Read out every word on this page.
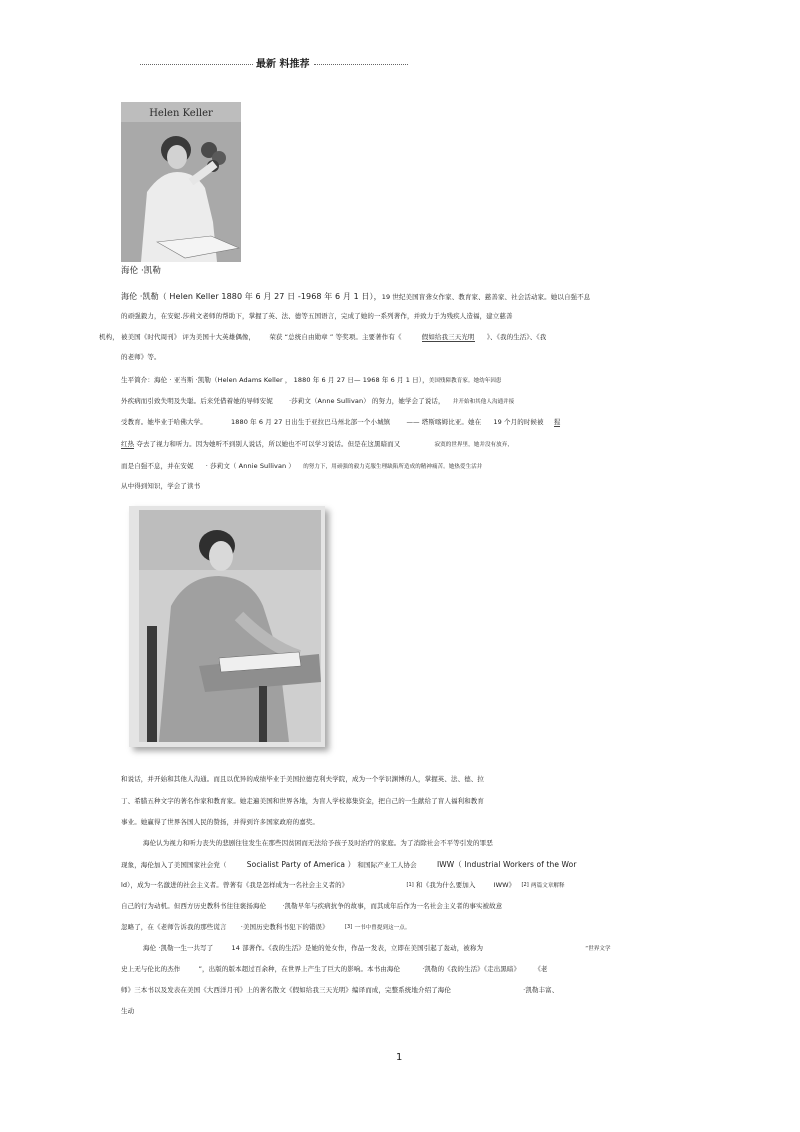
最新 料推荐
Helen Keller
海伦 ·凯勒
海伦 ·凯勒（ Helen Keller 1880 年 6 月 27 日 -1968 年 6 月 1 日），19 世纪美国盲聋女作家、教育家、慈善家、社会活动家。她以自强不息
的顽强毅力，在安妮.莎莉文老师的帮助下，掌握了英、法、德等五国语言，完成了她的一系列著作，并致力于为残疾人造福，建立慈善
机构， 被美国《时代周刊》 评为美国十大英雄偶像， 荣获 “总统自由勋章 ” 等奖项。主要著作有《	假如给我三天光明 》、《我的生活》、《我
的老师》等。
生平简介：海伦 · 亚当斯 ·凯勒（Helen Adams Keller ， 1880 年 6 月 27 日— 1968 年 6 月 1 日），美国残障教育家。她幼年因患
外疾病而引致失明及失聪。后来凭借着她的导师安妮 ·莎莉文（Anne Sullivan） 的努力，她学会了说话， 并开始和其他人沟通并接
受教育。她毕业于哈佛大学。	1880 年 6 月 27 日出生于亚拉巴马州北部一个小城镇 —— 塔斯喀姆比亚。她在 19 个月的时候被 猩
红热 夺去了视力和听力。因为她听不到别人说话，所以她也不可以学习说话。但是在这黑暗而又	寂寞的世界里，她并没有放弃，
而是自强不息，并在安妮 · 莎莉文（ Annie Sullivan ） 的努力下，用顽强的毅力克服生理缺陷所造成的精神痛苦。她热爱生活并
从中得到知识，学会了读书
和说话，并开始和其他人沟通。而且以优异的成绩毕业于美国拉德克利夫学院，成为一个学识渊博的人，掌握英、法、德、拉
丁、希腊五种文字的著名作家和教育家。她走遍美国和世界各地，为盲人学校募集资金，把自己的一生献给了盲人福利和教育
事业。她赢得了世界各国人民的赞扬，并得到许多国家政府的嘉奖。
海伦认为视力和听力丧失的悲剧往往发生在那些因贫困而无法给予孩子及时治疗的家庭。为了消除社会不平等引发的罪恶
现象，海伦加入了美国国家社会党（	Socialist Party of America ） 和国际产业工人协会	IWW（ Industrial Workers of the Wor
ld），成为一名激进的社会主义者。曾著有《我是怎样成为一名社会主义者的》	[1] 和《我为什么要加入	IWW》 [2] 两篇文章解释
自己的行为动机。但西方历史教科书往往褒扬海伦 ·凯勒早年与疾病抗争的故事，而其成年后作为一名社会主义者的事实被故意
忽略了，在《老师告诉我的那些谎言 ·美国历史教科书犯下的错误》	[3] 一书中曾提到这一点。
海伦 ·凯勒一生一共写了	14 部著作。《我的生活》是她的处女作，作品一发表，立即在美国引起了轰动，被称为	“世界文学
史上无与伦比的杰作	”，出版的版本超过百余种，在世界上产生了巨大的影响。本书由海伦	·凯勒的《我的生活》《走出黑暗》 《老
师》三本书以及发表在美国《大西洋月刊》上的著名散文《假如给我三天光明》编译而成，完整系统地介绍了海伦	·凯勒丰富、
生动
1
